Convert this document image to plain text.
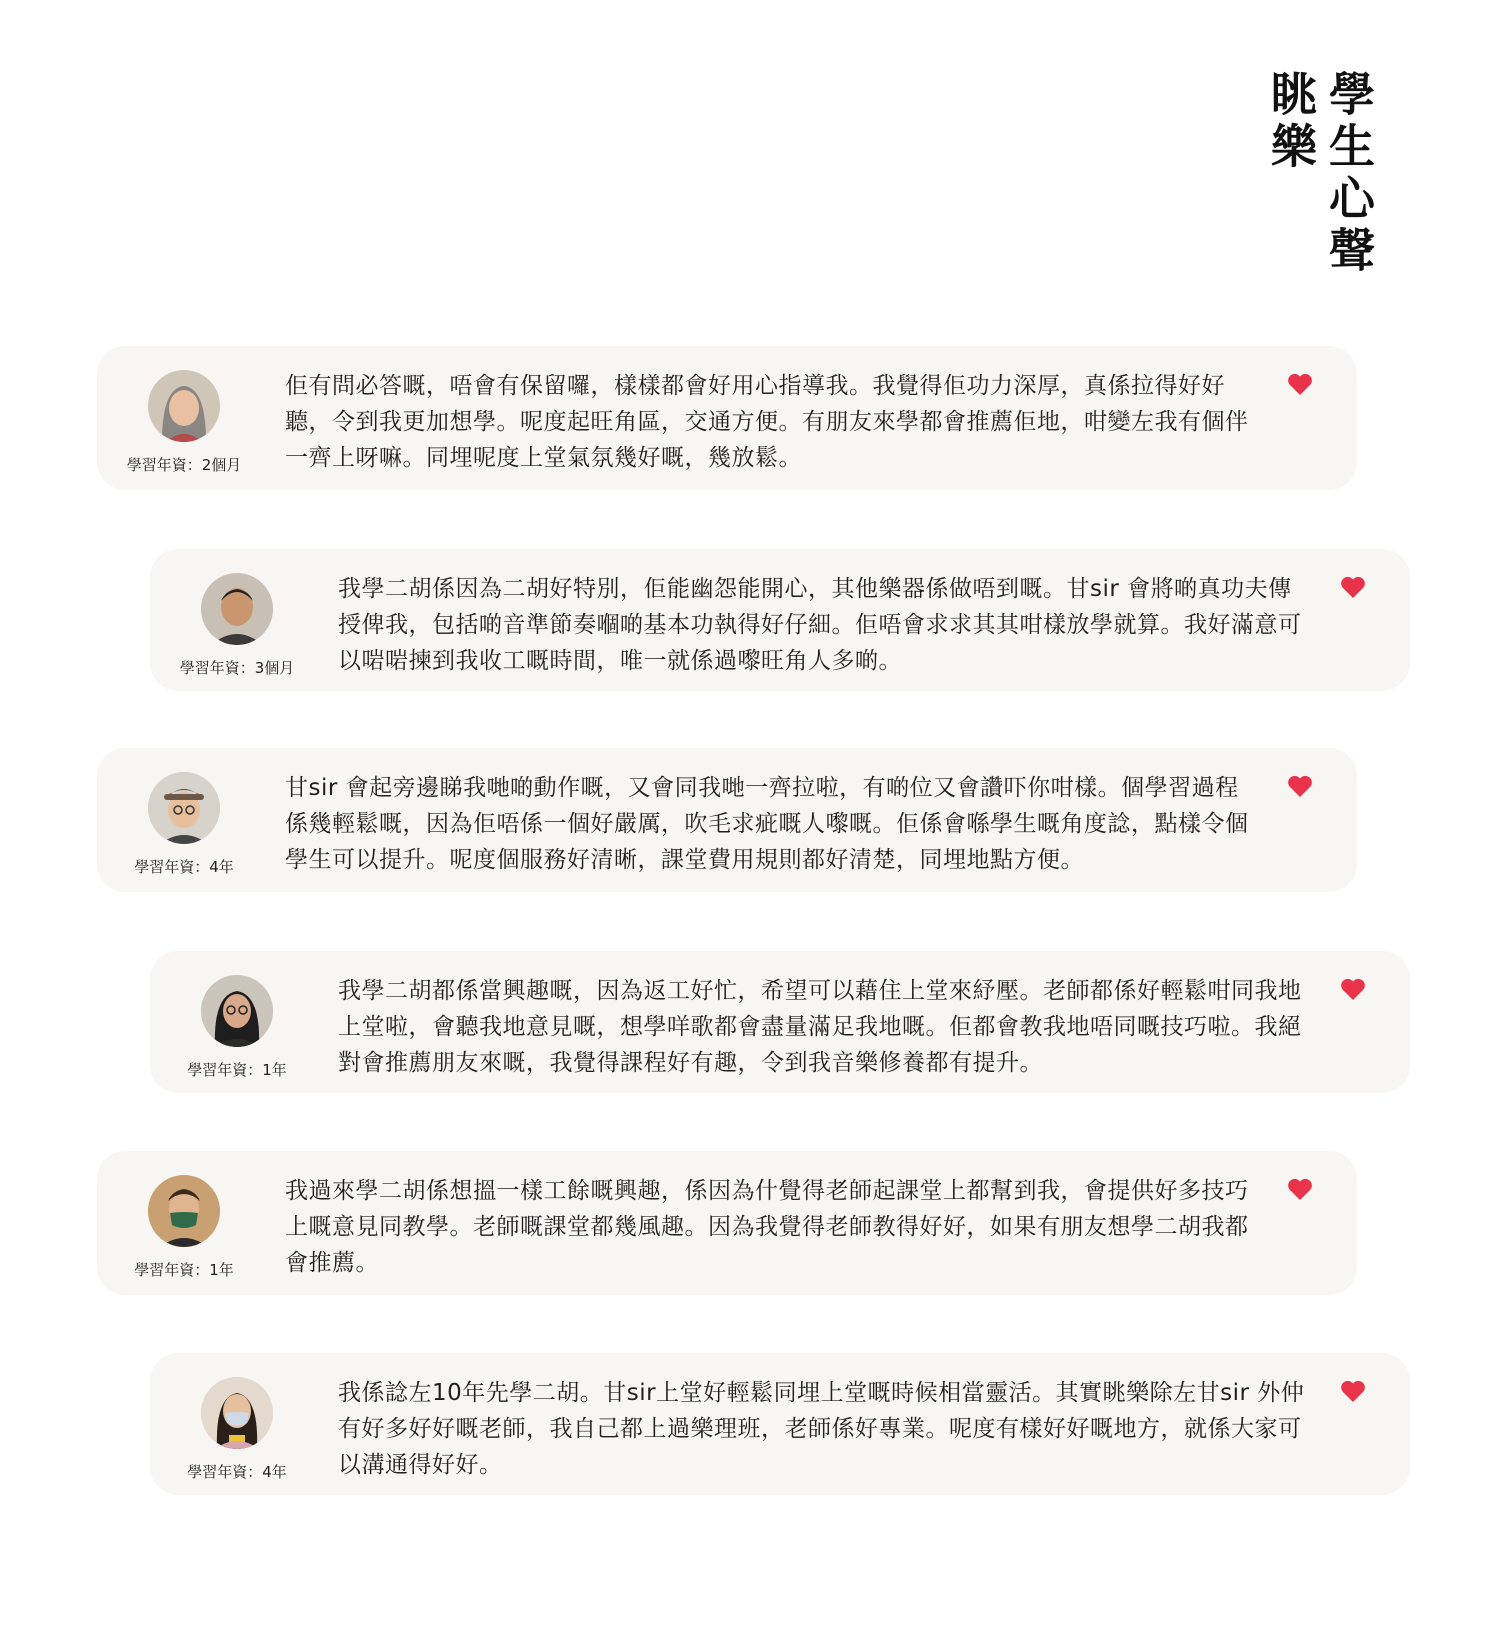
學生心聲
眺樂
學習年資：2個月
佢有問必答嘅，唔會有保留囉，樣樣都會好用心指導我。我覺得佢功力深厚，真係拉得好好聽，令到我更加想學。呢度起旺角區，交通方便。有朋友來學都會推薦佢地，咁變左我有個伴一齊上呀嘛。同埋呢度上堂氣氛幾好嘅，幾放鬆。
學習年資：3個月
我學二胡係因為二胡好特別，佢能幽怨能開心，其他樂器係做唔到嘅。甘sir 會將啲真功夫傳授俾我，包括啲音準節奏嗰啲基本功執得好仔細。佢唔會求求其其咁樣放學就算。我好滿意可以啱啱揀到我收工嘅時間，唯一就係過嚟旺角人多啲。
學習年資：4年
甘sir 會起旁邊睇我哋啲動作嘅，又會同我哋一齊拉啦，有啲位又會讚吓你咁樣。個學習過程係幾輕鬆嘅，因為佢唔係一個好嚴厲，吹毛求疵嘅人嚟嘅。佢係會喺學生嘅角度諗，點樣令個學生可以提升。呢度個服務好清晰，課堂費用規則都好清楚，同埋地點方便。
學習年資：1年
我學二胡都係當興趣嘅，因為返工好忙，希望可以藉住上堂來紓壓。老師都係好輕鬆咁同我地上堂啦，會聽我地意見嘅，想學咩歌都會盡量滿足我地嘅。佢都會教我地唔同嘅技巧啦。我絕對會推薦朋友來嘅，我覺得課程好有趣，令到我音樂修養都有提升。
學習年資：1年
我過來學二胡係想搵一樣工餘嘅興趣，係因為什覺得老師起課堂上都幫到我，會提供好多技巧上嘅意見同教學。老師嘅課堂都幾風趣。因為我覺得老師教得好好，如果有朋友想學二胡我都會推薦。
學習年資：4年
我係諗左10年先學二胡。甘sir上堂好輕鬆同埋上堂嘅時候相當靈活。其實眺樂除左甘sir 外仲有好多好好嘅老師，我自己都上過樂理班，老師係好專業。呢度有樣好好嘅地方，就係大家可以溝通得好好。
